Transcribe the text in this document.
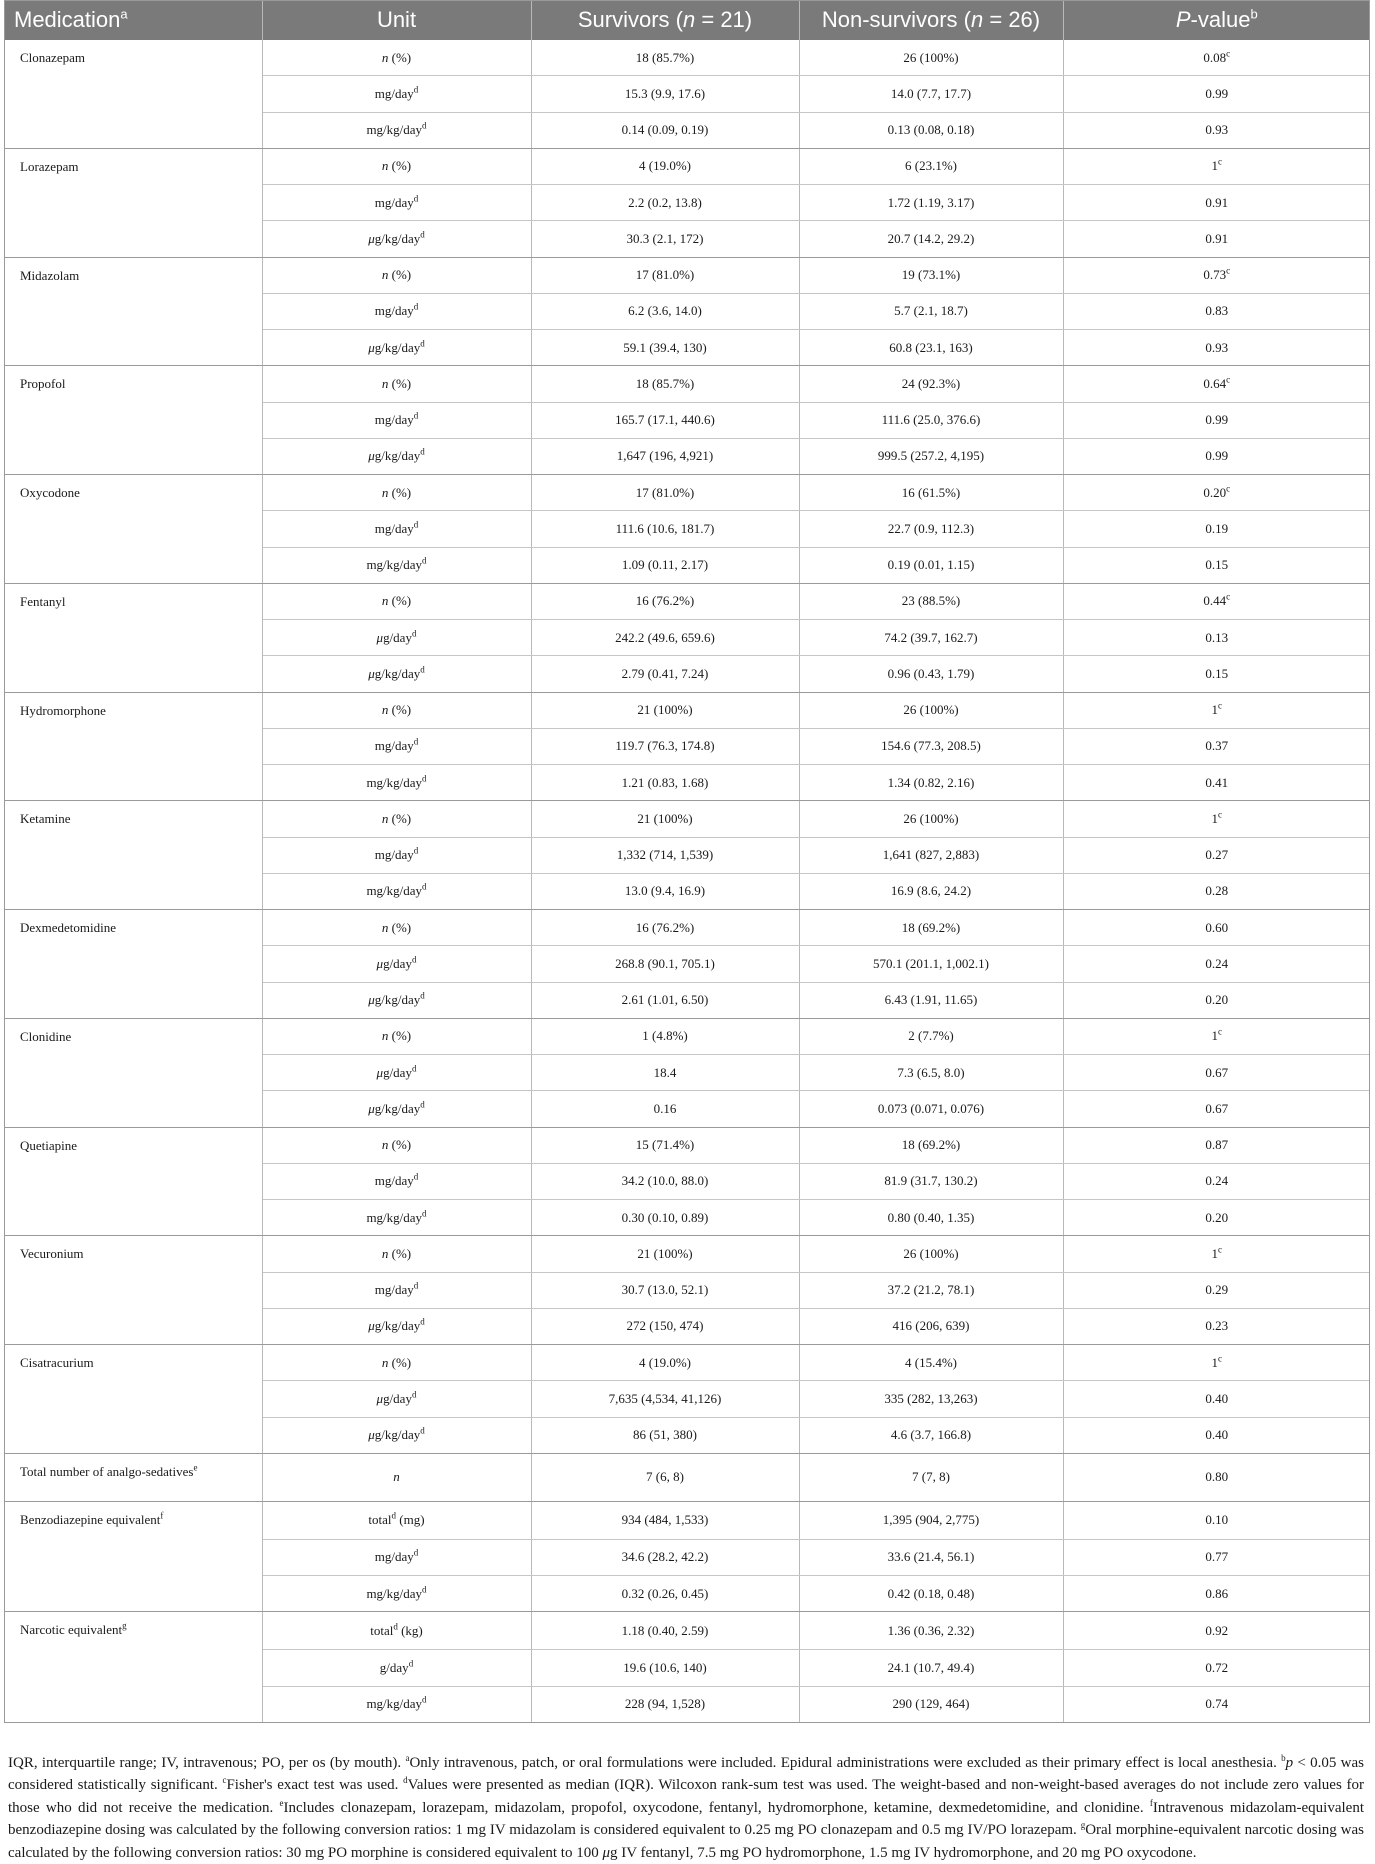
Medication$^a$	Unit	Survivors (n = 21)	Non-survivors (n = 26)	P-value$^b$
Clonazepam	n (%)	18 (85.7%)	26 (100%)	0.08$^c$
	mg/day$^d$	15.3 (9.9, 17.6)	14.0 (7.7, 17.7)	0.99
	mg/kg/day$^d$	0.14 (0.09, 0.19)	0.13 (0.08, 0.18)	0.93
Lorazepam	n (%)	4 (19.0%)	6 (23.1%)	1$^c$
	mg/day$^d$	2.2 (0.2, 13.8)	1.72 (1.19, 3.17)	0.91
	μg/kg/day$^d$	30.3 (2.1, 172)	20.7 (14.2, 29.2)	0.91
Midazolam	n (%)	17 (81.0%)	19 (73.1%)	0.73$^c$
	mg/day$^d$	6.2 (3.6, 14.0)	5.7 (2.1, 18.7)	0.83
	μg/kg/day$^d$	59.1 (39.4, 130)	60.8 (23.1, 163)	0.93
Propofol	n (%)	18 (85.7%)	24 (92.3%)	0.64$^c$
	mg/day$^d$	165.7 (17.1, 440.6)	111.6 (25.0, 376.6)	0.99
	μg/kg/day$^d$	1,647 (196, 4,921)	999.5 (257.2, 4,195)	0.99
Oxycodone	n (%)	17 (81.0%)	16 (61.5%)	0.20$^c$
	mg/day$^d$	111.6 (10.6, 181.7)	22.7 (0.9, 112.3)	0.19
	mg/kg/day$^d$	1.09 (0.11, 2.17)	0.19 (0.01, 1.15)	0.15
Fentanyl	n (%)	16 (76.2%)	23 (88.5%)	0.44$^c$
	μg/day$^d$	242.2 (49.6, 659.6)	74.2 (39.7, 162.7)	0.13
	μg/kg/day$^d$	2.79 (0.41, 7.24)	0.96 (0.43, 1.79)	0.15
Hydromorphone	n (%)	21 (100%)	26 (100%)	1$^c$
	mg/day$^d$	119.7 (76.3, 174.8)	154.6 (77.3, 208.5)	0.37
	mg/kg/day$^d$	1.21 (0.83, 1.68)	1.34 (0.82, 2.16)	0.41
Ketamine	n (%)	21 (100%)	26 (100%)	1$^c$
	mg/day$^d$	1,332 (714, 1,539)	1,641 (827, 2,883)	0.27
	mg/kg/day$^d$	13.0 (9.4, 16.9)	16.9 (8.6, 24.2)	0.28
Dexmedetomidine	n (%)	16 (76.2%)	18 (69.2%)	0.60
	μg/day$^d$	268.8 (90.1, 705.1)	570.1 (201.1, 1,002.1)	0.24
	μg/kg/day$^d$	2.61 (1.01, 6.50)	6.43 (1.91, 11.65)	0.20
Clonidine	n (%)	1 (4.8%)	2 (7.7%)	1$^c$
	μg/day$^d$	18.4	7.3 (6.5, 8.0)	0.67
	μg/kg/day$^d$	0.16	0.073 (0.071, 0.076)	0.67
Quetiapine	n (%)	15 (71.4%)	18 (69.2%)	0.87
	mg/day$^d$	34.2 (10.0, 88.0)	81.9 (31.7, 130.2)	0.24
	mg/kg/day$^d$	0.30 (0.10, 0.89)	0.80 (0.40, 1.35)	0.20
Vecuronium	n (%)	21 (100%)	26 (100%)	1$^c$
	mg/day$^d$	30.7 (13.0, 52.1)	37.2 (21.2, 78.1)	0.29
	μg/kg/day$^d$	272 (150, 474)	416 (206, 639)	0.23
Cisatracurium	n (%)	4 (19.0%)	4 (15.4%)	1$^c$
	μg/day$^d$	7,635 (4,534, 41,126)	335 (282, 13,263)	0.40
	μg/kg/day$^d$	86 (51, 380)	4.6 (3.7, 166.8)	0.40
Total number of analgo-sedatives$^e$	n	7 (6, 8)	7 (7, 8)	0.80
Benzodiazepine equivalent$^f$	total$^d$ (mg)	934 (484, 1,533)	1,395 (904, 2,775)	0.10
	mg/day$^d$	34.6 (28.2, 42.2)	33.6 (21.4, 56.1)	0.77
	mg/kg/day$^d$	0.32 (0.26, 0.45)	0.42 (0.18, 0.48)	0.86
Narcotic equivalent$^g$	total$^d$ (kg)	1.18 (0.40, 2.59)	1.36 (0.36, 2.32)	0.92
	g/day$^d$	19.6 (10.6, 140)	24.1 (10.7, 49.4)	0.72
	mg/kg/day$^d$	228 (94, 1,528)	290 (129, 464)	0.74

IQR, interquartile range; IV, intravenous; PO, per os (by mouth). $^a$Only intravenous, patch, or oral formulations were included. Epidural administrations were excluded as their primary effect is local anesthesia. $^b$p < 0.05 was considered statistically significant. $^c$Fisher's exact test was used. $^d$Values were presented as median (IQR). Wilcoxon rank-sum test was used. The weight-based and non-weight-based averages do not include zero values for those who did not receive the medication. $^e$Includes clonazepam, lorazepam, midazolam, propofol, oxycodone, fentanyl, hydromorphone, ketamine, dexmedetomidine, and clonidine. $^f$Intravenous midazolam-equivalent benzodiazepine dosing was calculated by the following conversion ratios: 1 mg IV midazolam is considered equivalent to 0.25 mg PO clonazepam and 0.5 mg IV/PO lorazepam. $^g$Oral morphine-equivalent narcotic dosing was calculated by the following conversion ratios: 30 mg PO morphine is considered equivalent to 100 μg IV fentanyl, 7.5 mg PO hydromorphone, 1.5 mg IV hydromorphone, and 20 mg PO oxycodone.
